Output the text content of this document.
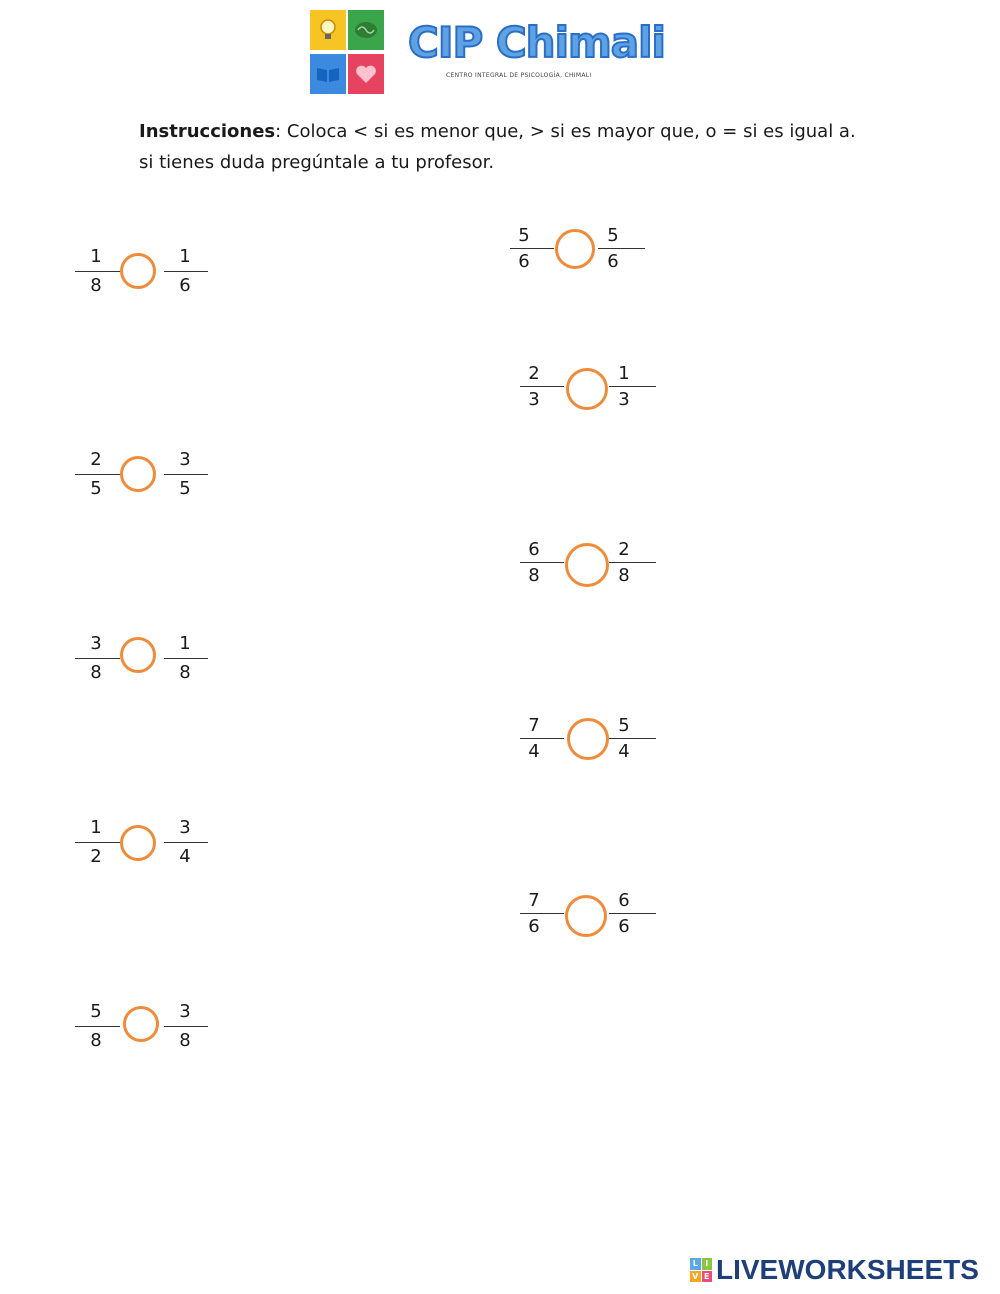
CIP Chimali
CENTRO INTEGRAL DE PSICOLOGÍA, CHIMALI
Instrucciones: Coloca < si es menor que, > si es mayor que, o = si es igual a. si tienes duda pregúntale a tu profesor.
1
8
1
6
2
5
3
5
3
8
1
8
1
2
3
4
5
8
3
8
5
6
5
6
2
3
1
3
6
8
2
8
7
4
5
4
7
6
6
6
L I
V E LIVEWORKSHEETS
